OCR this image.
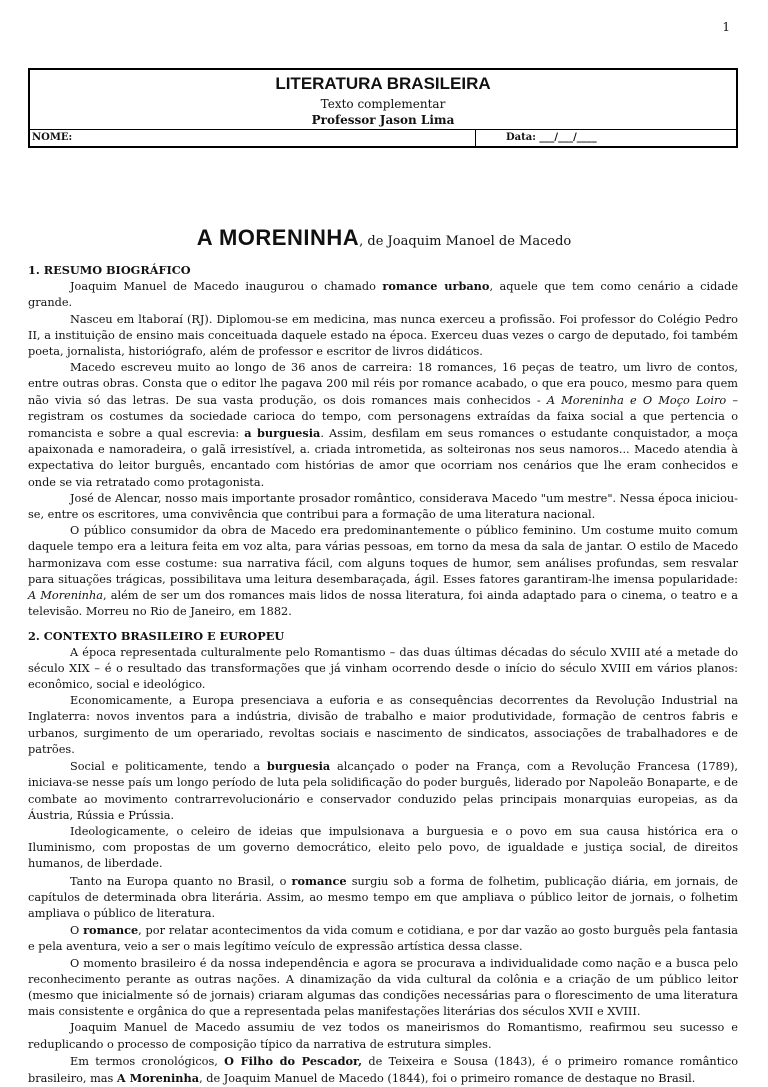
1
LITERATURA BRASILEIRA
Texto complementar
Professor Jason Lima
NOME:	Data: ___/___/____
A MORENINHA, de Joaquim Manoel de Macedo
1. RESUMO BIOGRÁFICO

Joaquim Manuel de Macedo inaugurou o chamado romance urbano, aquele que tem como cenário a cidade grande.

Nasceu em ltaboraí (RJ). Diplomou-se em medicina, mas nunca exerceu a profissão. Foi professor do Colégio Pedro II, a instituição de ensino mais conceituada daquele estado na época. Exerceu duas vezes o cargo de deputado, foi também poeta, jornalista, historiógrafo, além de professor e escritor de livros didáticos.

Macedo escreveu muito ao longo de 36 anos de carreira: 18 romances, 16 peças de teatro, um livro de contos, entre outras obras. Consta que o editor lhe pagava 200 mil réis por romance acabado, o que era pouco, mesmo para quem não vivia só das letras. De sua vasta produção, os dois romances mais conhecidos - A Moreninha e O Moço Loiro – registram os costumes da sociedade carioca do tempo, com personagens extraídas da faixa social a que pertencia o romancista e sobre a qual escrevia: a burguesia. Assim, desfilam em seus romances o estudante conquistador, a moça apaixonada e namoradeira, o galã irresistível, a. criada intrometida, as solteironas nos seus namoros... Macedo atendia à expectativa do leitor burguês, encantado com histórias de amor que ocorriam nos cenários que lhe eram conhecidos e onde se via retratado como protagonista.

José de Alencar, nosso mais importante prosador romântico, considerava Macedo "um mestre". Nessa época iniciou-se, entre os escritores, uma convivência que contribui para a formação de uma literatura nacional.

O público consumidor da obra de Macedo era predominantemente o público feminino. Um costume muito comum daquele tempo era a leitura feita em voz alta, para várias pessoas, em torno da mesa da sala de jantar. O estilo de Macedo harmonizava com esse costume: sua narrativa fácil, com alguns toques de humor, sem análises profundas, sem resvalar para situações trágicas, possibilitava uma leitura desembaraçada, ágil. Esses fatores garantiram-lhe imensa popularidade: A Moreninha, além de ser um dos romances mais lidos de nossa literatura, foi ainda adaptado para o cinema, o teatro e a televisão. Morreu no Rio de Janeiro, em 1882.

2. CONTEXTO BRASILEIRO E EUROPEU

A época representada culturalmente pelo Romantismo – das duas últimas décadas do século XVIII até a metade do século XIX – é o resultado das transformações que já vinham ocorrendo desde o início do século XVIII em vários planos: econômico, social e ideológico.

Economicamente, a Europa presenciava a euforia e as consequências decorrentes da Revolução Industrial na Inglaterra: novos inventos para a indústria, divisão de trabalho e maior produtividade, formação de centros fabris e urbanos, surgimento de um operariado, revoltas sociais e nascimento de sindicatos, associações de trabalhadores e de patrões.

Social e politicamente, tendo a burguesia alcançado o poder na França, com a Revolução Francesa (1789), iniciava-se nesse país um longo período de luta pela solidificação do poder burguês, liderado por Napoleão Bonaparte, e de combate ao movimento contrarrevolucionário e conservador conduzido pelas principais monarquias europeias, as da Áustria, Rússia e Prússia.

Ideologicamente, o celeiro de ideias que impulsionava a burguesia e o povo em sua causa histórica era o Iluminismo, com propostas de um governo democrático, eleito pelo povo, de igualdade e justiça social, de direitos humanos, de liberdade.

Tanto na Europa quanto no Brasil, o romance surgiu sob a forma de folhetim, publicação diária, em jornais, de capítulos de determinada obra literária. Assim, ao mesmo tempo em que ampliava o público leitor de jornais, o folhetim ampliava o público de literatura.

O romance, por relatar acontecimentos da vida comum e cotidiana, e por dar vazão ao gosto burguês pela fantasia e pela aventura, veio a ser o mais legítimo veículo de expressão artística dessa classe.

O momento brasileiro é da nossa independência e agora se procurava a individualidade como nação e a busca pelo reconhecimento perante as outras nações. A dinamização da vida cultural da colônia e a criação de um público leitor (mesmo que inicialmente só de jornais) criaram algumas das condições necessárias para o florescimento de uma literatura mais consistente e orgânica do que a representada pelas manifestações literárias dos séculos XVII e XVIII.

Joaquim Manuel de Macedo assumiu de vez todos os maneirismos do Romantismo, reafirmou seu sucesso e reduplicando o processo de composição típico da narrativa de estrutura simples.

Em termos cronológicos, O Filho do Pescador, de Teixeira e Sousa (1843), é o primeiro romance romântico brasileiro, mas A Moreninha, de Joaquim Manuel de Macedo (1844), foi o primeiro romance de destaque no Brasil.
